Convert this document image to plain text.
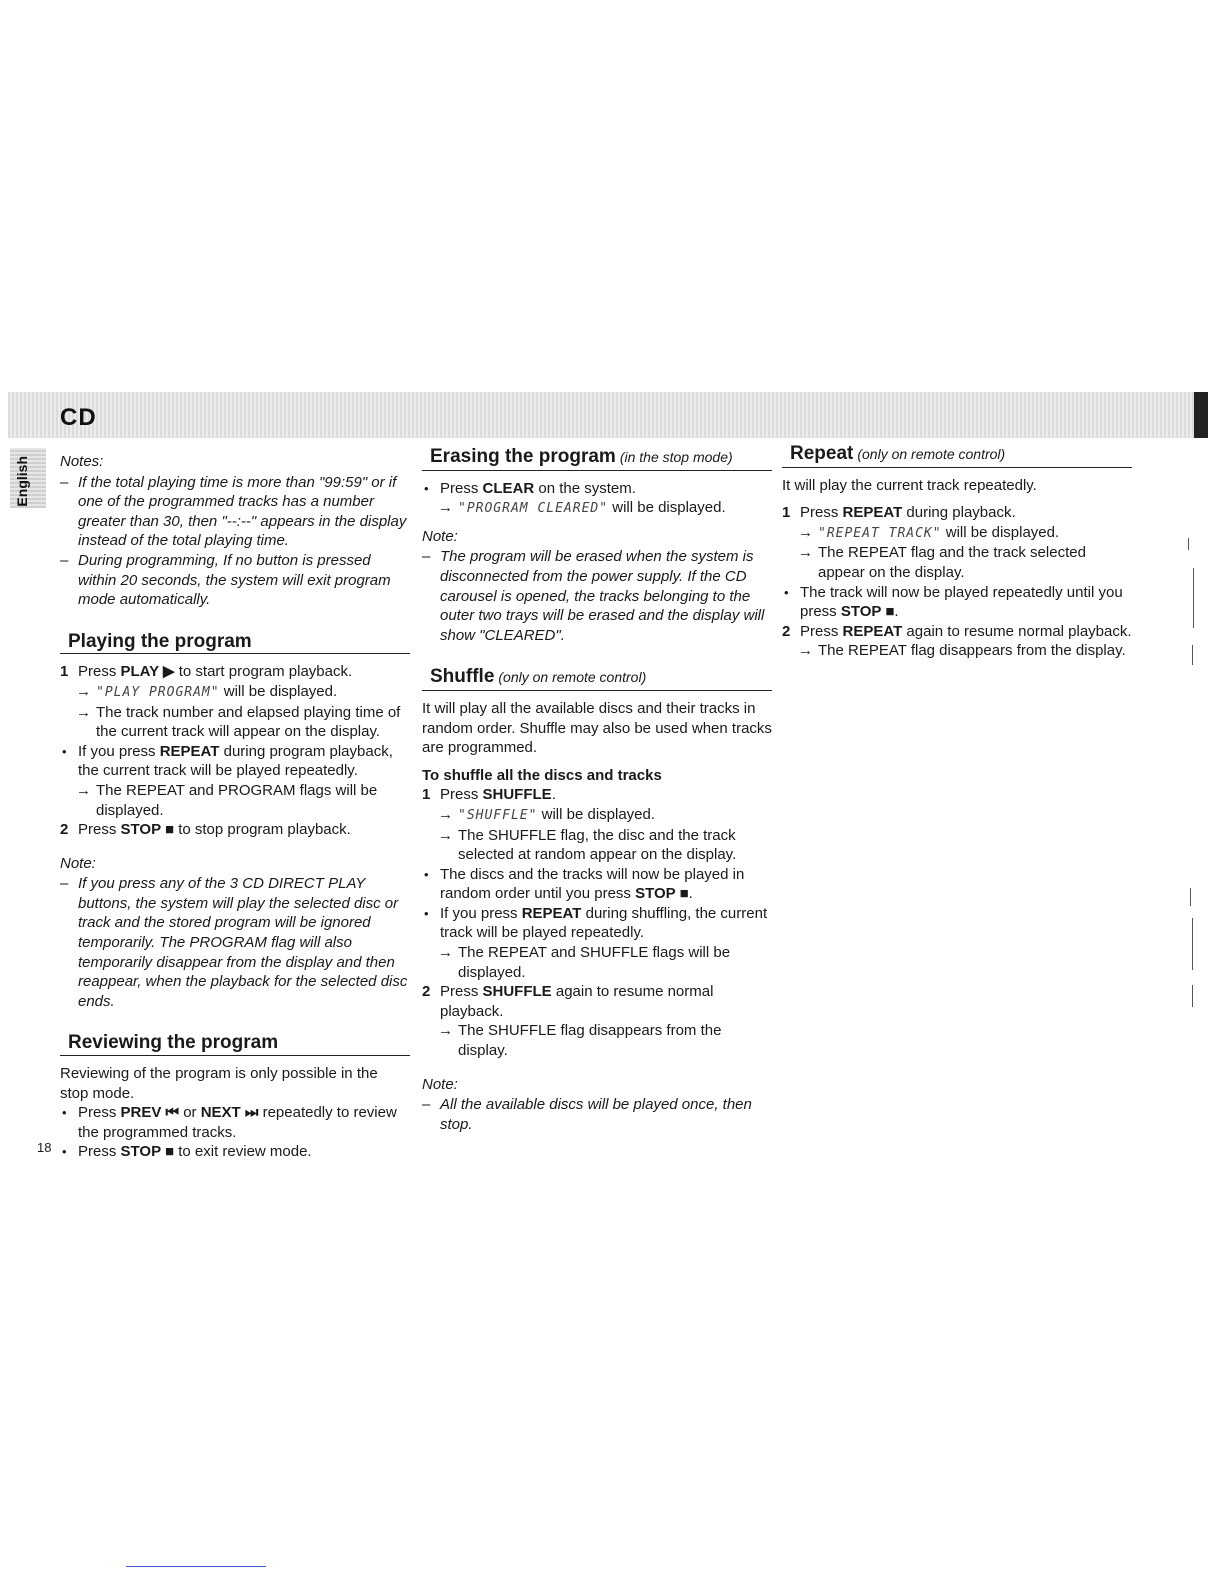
CD
English Notes:

– If the total playing time is more than "99:59" or if one of the programmed tracks has a number greater than 30, then "--:--" appears in the display instead of the total playing time.
– During programming, If no button is pressed within 20 seconds, the system will exit program mode automatically.
Playing the program
1 Press PLAY ▶ to start program playback.
→ "PLAY PROGRAM" will be displayed.
→ The track number and elapsed playing time of the current track will appear on the display.
• If you press REPEAT during program playback, the current track will be played repeatedly.
→ The REPEAT and PROGRAM flags will be displayed.
2 Press STOP ■ to stop program playback.

Note:

– If you press any of the 3 CD DIRECT PLAY buttons, the system will play the selected disc or track and the stored program will be ignored temporarily. The PROGRAM flag will also temporarily disappear from the display and then reappear, when the playback for the selected disc ends.
Reviewing the program

Reviewing of the program is only possible in the stop mode.

• Press PREV ⏮ or NEXT ⏭ repeatedly to review the programmed tracks.
• Press STOP ■ to exit review mode.
Erasing the program (in the stop mode)
• Press CLEAR on the system.
→ "PROGRAM CLEARED" will be displayed.

Note:

– The program will be erased when the system is disconnected from the power supply. If the CD carousel is opened, the tracks belonging to the outer two trays will be erased and the display will show "CLEARED".
Shuffle (only on remote control)

It will play all the available discs and their tracks in random order. Shuffle may also be used when tracks are programmed.

To shuffle all the discs and tracks

1 Press SHUFFLE.
→ "SHUFFLE" will be displayed.
→ The SHUFFLE flag, the disc and the track selected at random appear on the display.
• The discs and the tracks will now be played in random order until you press STOP ■.
• If you press REPEAT during shuffling, the current track will be played repeatedly.
→ The REPEAT and SHUFFLE flags will be displayed.
2 Press SHUFFLE again to resume normal playback.
→ The SHUFFLE flag disappears from the display.

Note:

– All the available discs will be played once, then stop.
Repeat (only on remote control)

It will play the current track repeatedly.

1 Press REPEAT during playback.
→ "REPEAT TRACK" will be displayed.
→ The REPEAT flag and the track selected appear on the display.
• The track will now be played repeatedly until you press STOP ■.
2 Press REPEAT again to resume normal playback.
→ The REPEAT flag disappears from the display.
18
